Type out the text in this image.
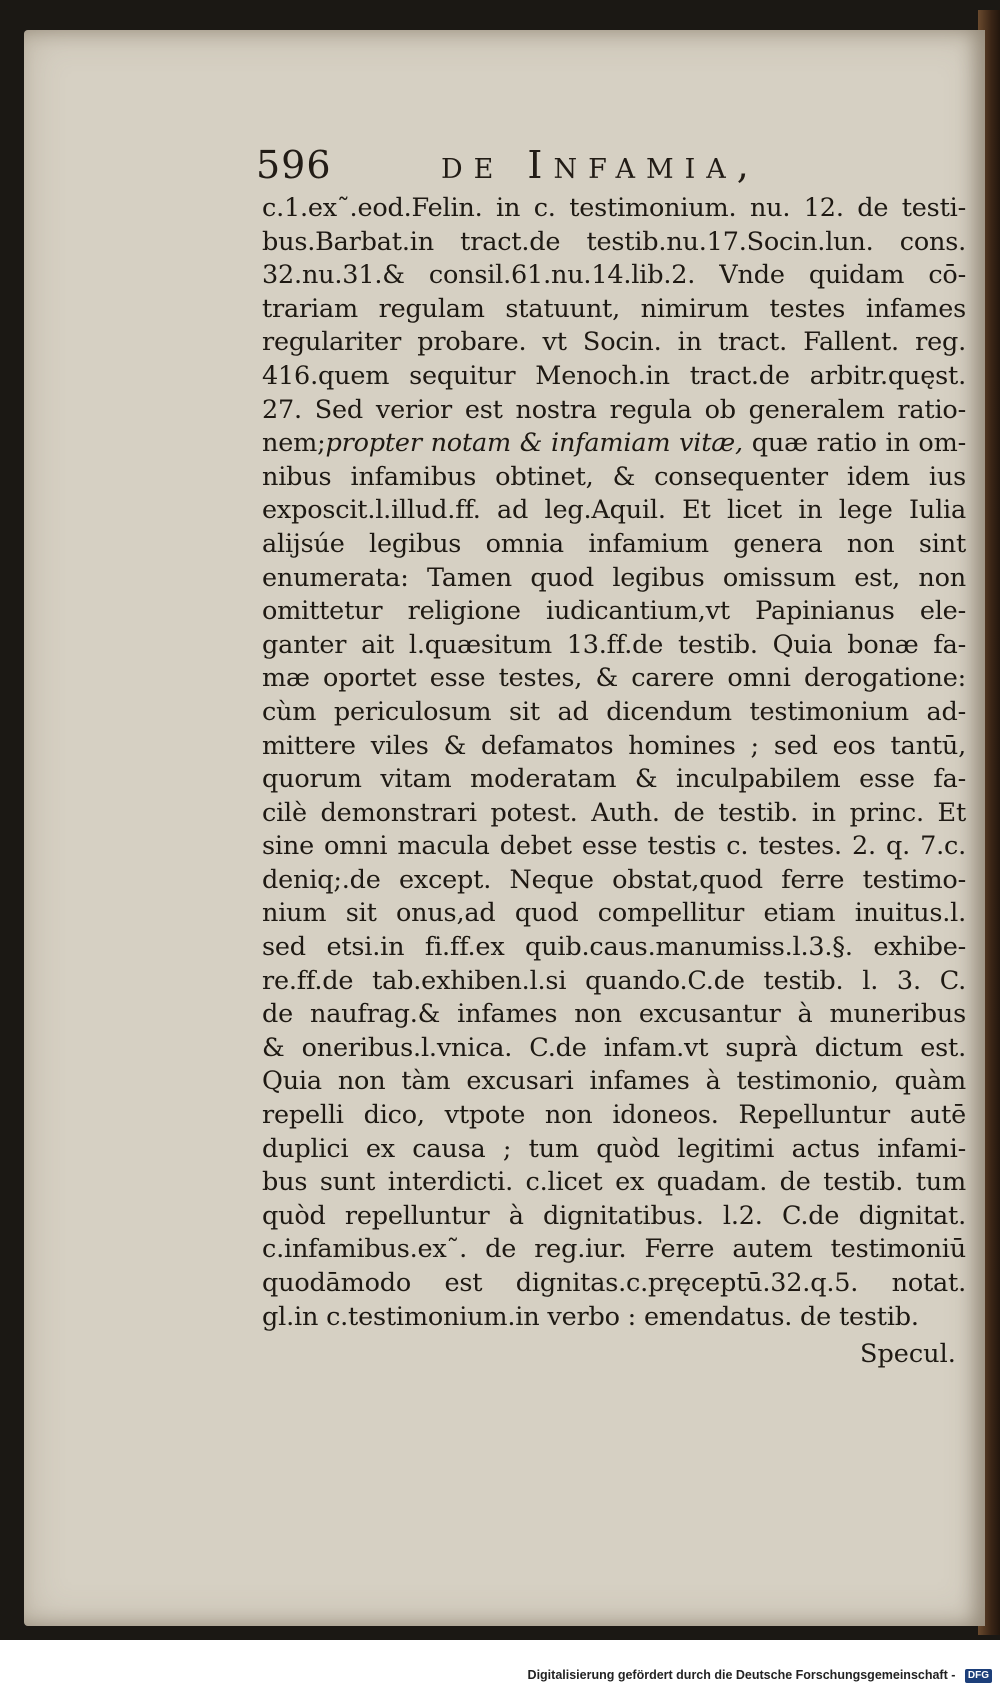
596	de Infamia,
c.1.ex˜.eod.Felin. in c. testimonium. nu. 12. de testi-
bus.Barbat.in tract.de testib.nu.17.Socin.lun. cons.
32.nu.31.& consil.61.nu.14.lib.2. Vnde quidam cō-
trariam regulam statuunt, nimirum testes infames
regulariter probare. vt Socin. in tract. Fallent. reg.
416.quem sequitur Menoch.in tract.de arbitr.quęst.
27. Sed verior est nostra regula ob generalem ratio-
nem;propter notam & infamiam vitæ, quæ ratio in om-
nibus infamibus obtinet, & consequenter idem ius
exposcit.l.illud.ff. ad leg.Aquil. Et licet in lege Iulia
alijsúe legibus omnia infamium genera non sint
enumerata: Tamen quod legibus omissum est, non
omittetur religione iudicantium,vt Papinianus ele-
ganter ait l.quæsitum 13.ff.de testib. Quia bonæ fa-
mæ oportet esse testes, & carere omni derogatione:
cùm periculosum sit ad dicendum testimonium ad-
mittere viles & defamatos homines ; sed eos tantū,
quorum vitam moderatam & inculpabilem esse fa-
cilè demonstrari potest. Auth. de testib. in princ. Et
sine omni macula debet esse testis c. testes. 2. q. 7.c.
deniq;.de except. Neque obstat,quod ferre testimo-
nium sit onus,ad quod compellitur etiam inuitus.l.
sed etsi.in fi.ff.ex quib.caus.manumiss.l.3.§. exhibe-
re.ff.de tab.exhiben.l.si quando.C.de testib. l. 3. C.
de naufrag.& infames non excusantur à muneribus
& oneribus.l.vnica. C.de infam.vt suprà dictum est.
Quia non tàm excusari infames à testimonio, quàm
repelli dico, vtpote non idoneos. Repelluntur autē
duplici ex causa ; tum quòd legitimi actus infami-
bus sunt interdicti. c.licet ex quadam. de testib. tum
quòd repelluntur à dignitatibus. l.2. C.de dignitat.
c.infamibus.ex˜. de reg.iur. Ferre autem testimoniū
quodāmodo est dignitas.c.pręceptū.32.q.5. notat.
gl.in c.testimonium.in verbo : emendatus. de testib.
Specul.
Digitalisierung gefördert durch die Deutsche Forschungsgemeinschaft - DFG
